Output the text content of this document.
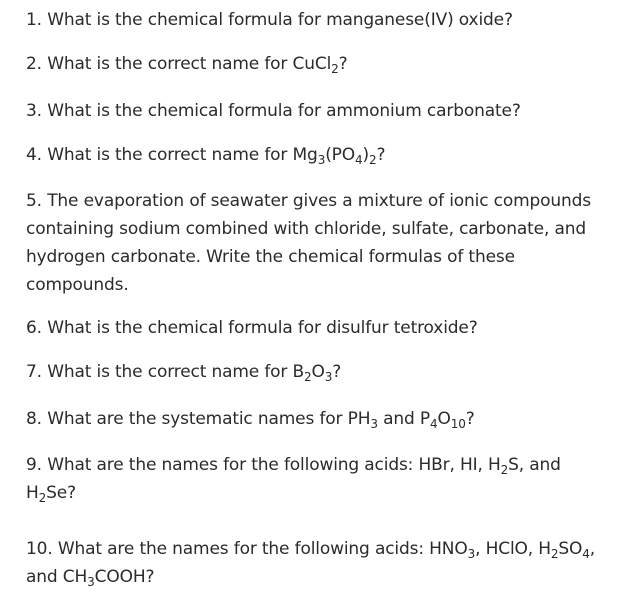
1. What is the chemical formula for manganese(IV) oxide?
2. What is the correct name for CuCl$_2$?
3. What is the chemical formula for ammonium carbonate?
4. What is the correct name for $Mg_3(PO_4)_2$?
5. The evaporation of seawater gives a mixture of ionic compounds containing sodium combined with chloride, sulfate, carbonate, and hydrogen carbonate. Write the chemical formulas of these compounds.
6. What is the chemical formula for disulfur tetroxide?
7. What is the correct name for $B_2O_3$?
8. What are the systematic names for $PH_3$ and $P_4O_{10}$?
9. What are the names for the following acids: HBr, HI, $H_2S$, and $H_2Se$?
10. What are the names for the following acids: $HNO_3$, HClO, $H_2SO_4$, and $CH_3COOH$?
